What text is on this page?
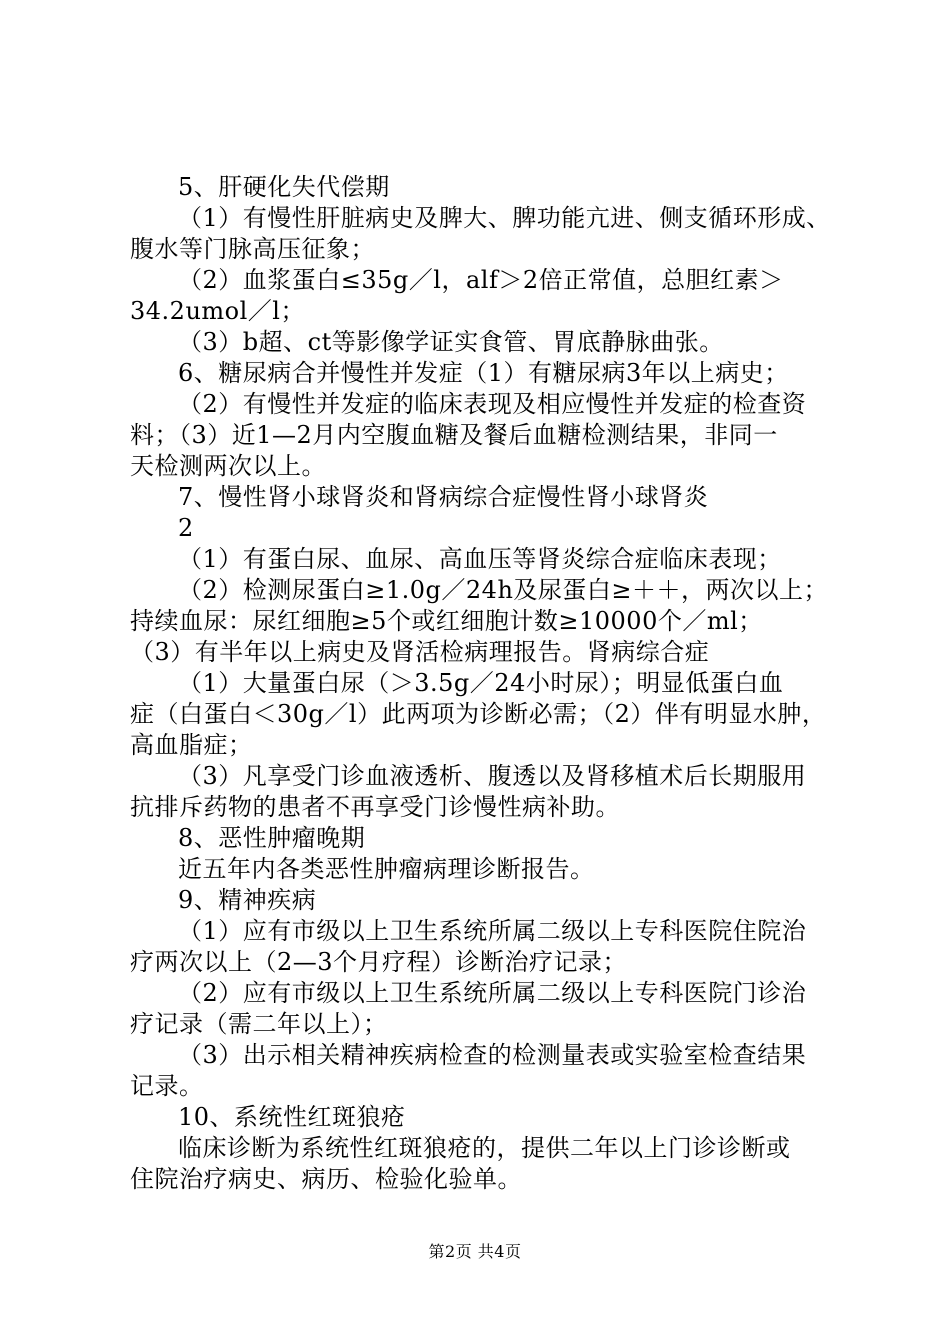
5、肝硬化失代偿期
（1）有慢性肝脏病史及脾大、脾功能亢进、侧支循环形成、
腹水等门脉高压征象；
（2）血浆蛋白≤35g／l，alf＞2倍正常值，总胆红素＞
34.2umol／l；
（3）b超、ct等影像学证实食管、胃底静脉曲张。
6、糖尿病合并慢性并发症（1）有糖尿病3年以上病史；
（2）有慢性并发症的临床表现及相应慢性并发症的检查资
料；（3）近1—2月内空腹血糖及餐后血糖检测结果，非同一
天检测两次以上。
7、慢性肾小球肾炎和肾病综合症慢性肾小球肾炎
2
（1）有蛋白尿、血尿、高血压等肾炎综合症临床表现；
（2）检测尿蛋白≥1.0g／24h及尿蛋白≥＋＋，两次以上；
持续血尿：尿红细胞≥5个或红细胞计数≥10000个／ml；
（3）有半年以上病史及肾活检病理报告。肾病综合症
（1）大量蛋白尿（＞3.5g／24小时尿）；明显低蛋白血
症（白蛋白＜30g／l）此两项为诊断必需；（2）伴有明显水肿，
高血脂症；
（3）凡享受门诊血液透析、腹透以及肾移植术后长期服用
抗排斥药物的患者不再享受门诊慢性病补助。
8、恶性肿瘤晚期
近五年内各类恶性肿瘤病理诊断报告。
9、精神疾病
（1）应有市级以上卫生系统所属二级以上专科医院住院治
疗两次以上（2—3个月疗程）诊断治疗记录；
（2）应有市级以上卫生系统所属二级以上专科医院门诊治
疗记录（需二年以上）；
（3）出示相关精神疾病检查的检测量表或实验室检查结果
记录。
10、系统性红斑狼疮
临床诊断为系统性红斑狼疮的，提供二年以上门诊诊断或
住院治疗病史、病历、检验化验单。
第2页 共4页
